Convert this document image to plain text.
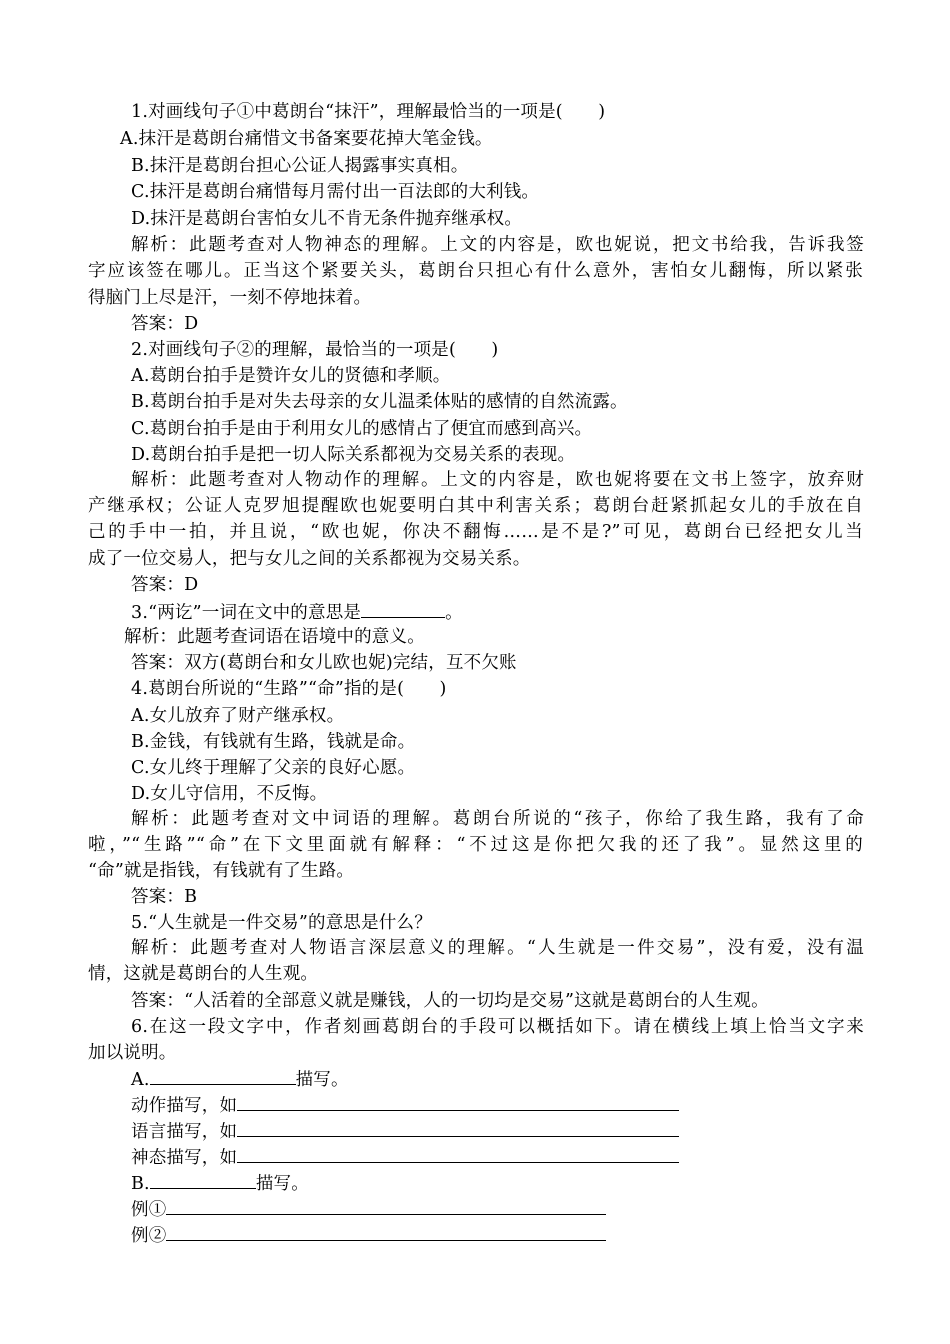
1.对画线句子①中葛朗台“抹汗”，理解最恰当的一项是(　　)
A.抹汗是葛朗台痛惜文书备案要花掉大笔金钱。
B.抹汗是葛朗台担心公证人揭露事实真相。
C.抹汗是葛朗台痛惜每月需付出一百法郎的大利钱。
D.抹汗是葛朗台害怕女儿不肯无条件抛弃继承权。
解析：此题考查对人物神态的理解。上文的内容是，欧也妮说，把文书给我，告诉我签
字应该签在哪儿。正当这个紧要关头，葛朗台只担心有什么意外，害怕女儿翻悔，所以紧张
得脑门上尽是汗，一刻不停地抹着。
答案：D
2.对画线句子②的理解，最恰当的一项是(　　)
A.葛朗台拍手是赞许女儿的贤德和孝顺。
B.葛朗台拍手是对失去母亲的女儿温柔体贴的感情的自然流露。
C.葛朗台拍手是由于利用女儿的感情占了便宜而感到高兴。
D.葛朗台拍手是把一切人际关系都视为交易关系的表现。
解析：此题考查对人物动作的理解。上文的内容是，欧也妮将要在文书上签字，放弃财
产继承权；公证人克罗旭提醒欧也妮要明白其中利害关系；葛朗台赶紧抓起女儿的手放在自
己的手中一拍，并且说，“欧也妮，你决不翻悔……是不是?”可见，葛朗台已经把女儿当
成了一位交易人，把与女儿之间的关系都视为交易关系。
答案：D
3.“两讫”一词在文中的意思是	。
解析：此题考查词语在语境中的意义。
答案：双方(葛朗台和女儿欧也妮)完结，互不欠账
4.葛朗台所说的“生路”“命”指的是(　　)
A.女儿放弃了财产继承权。
B.金钱，有钱就有生路，钱就是命。
C.女儿终于理解了父亲的良好心愿。
D.女儿守信用，不反悔。
解析：此题考查对文中词语的理解。葛朗台所说的“孩子，你给了我生路，我有了命
啦，”“生路”“命”在下文里面就有解释：“不过这是你把欠我的还了我”。显然这里的
“命”就是指钱，有钱就有了生路。
答案：B
5.“人生就是一件交易”的意思是什么？
解析：此题考查对人物语言深层意义的理解。“人生就是一件交易”，没有爱，没有温
情，这就是葛朗台的人生观。
答案：“人活着的全部意义就是赚钱，人的一切均是交易”这就是葛朗台的人生观。
6.在这一段文字中，作者刻画葛朗台的手段可以概括如下。请在横线上填上恰当文字来
加以说明。
A.	描写。
动作描写，如
语言描写，如
神态描写，如
B.	描写。
例①
例②
